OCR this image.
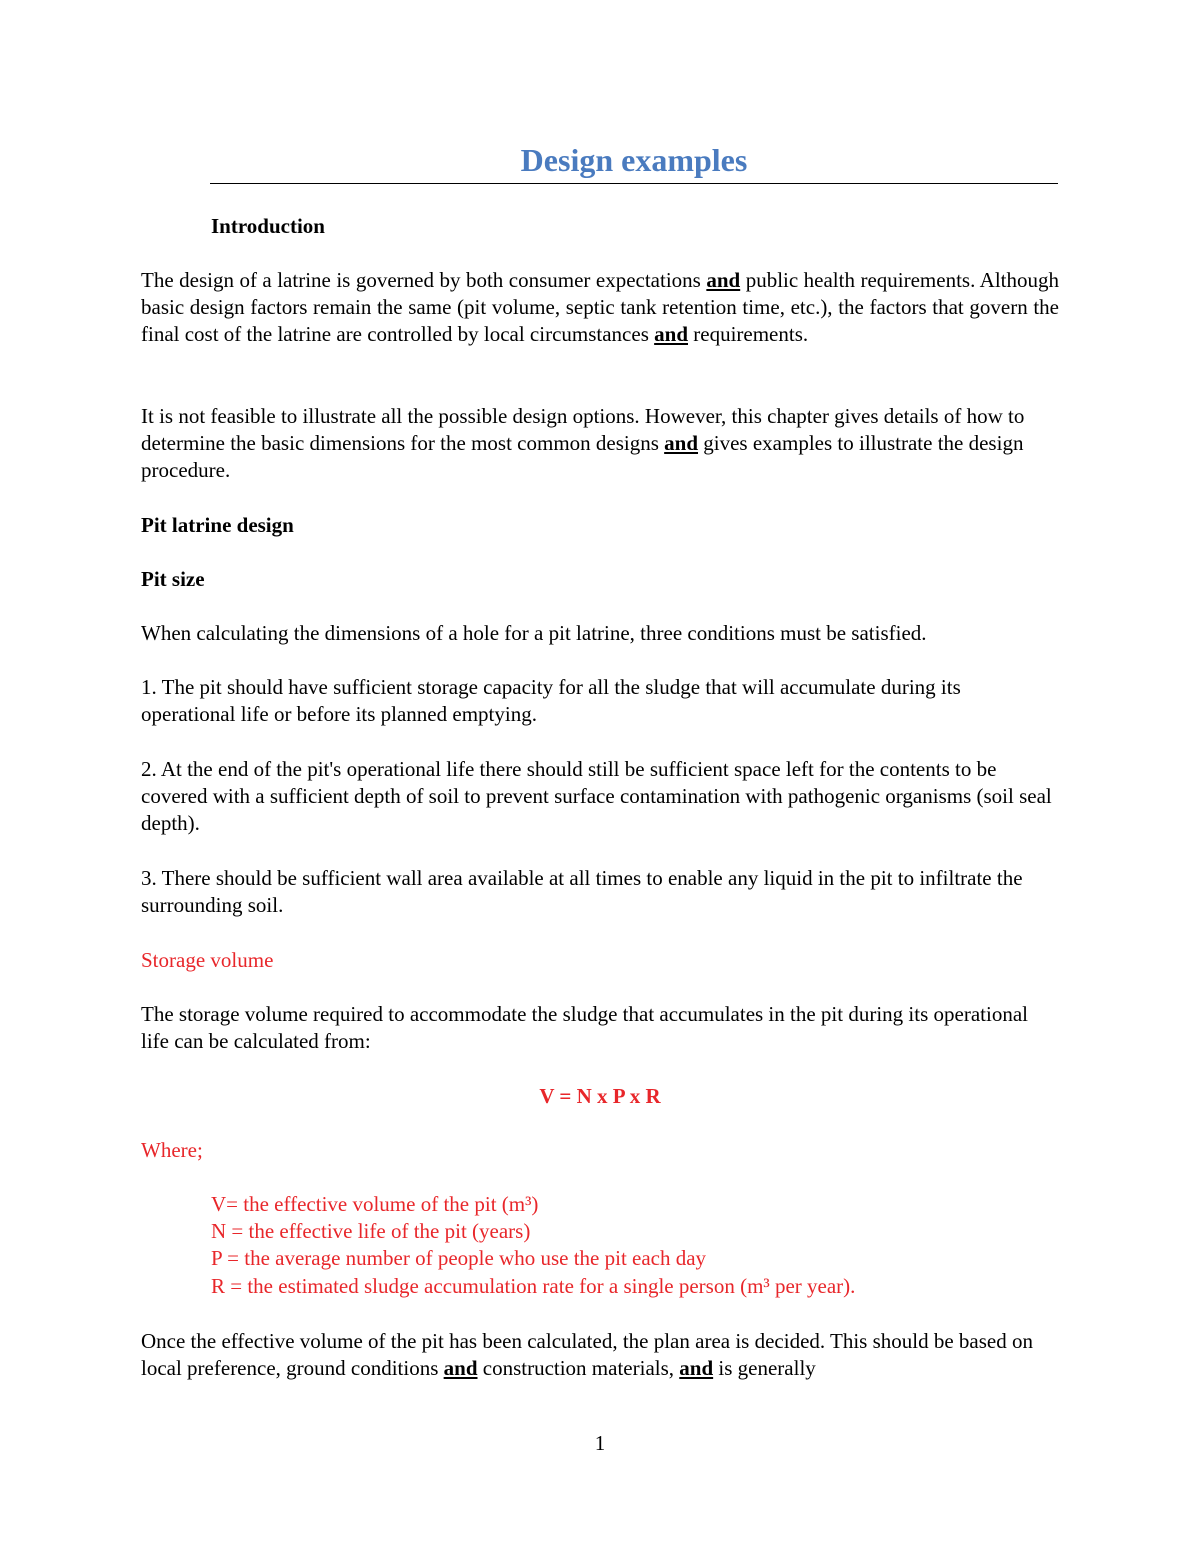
Design examples
Introduction
The design of a latrine is governed by both consumer expectations and public health requirements. Although basic design factors remain the same (pit volume, septic tank retention time, etc.), the factors that govern the final cost of the latrine are controlled by local circumstances and requirements.
It is not feasible to illustrate all the possible design options. However, this chapter gives details of how to determine the basic dimensions for the most common designs and gives examples to illustrate the design procedure.
Pit latrine design
Pit size
When calculating the dimensions of a hole for a pit latrine, three conditions must be satisfied.
1. The pit should have sufficient storage capacity for all the sludge that will accumulate during its operational life or before its planned emptying.
2. At the end of the pit's operational life there should still be sufficient space left for the contents to be covered with a sufficient depth of soil to prevent surface contamination with pathogenic organisms (soil seal depth).
3. There should be sufficient wall area available at all times to enable any liquid in the pit to infiltrate the surrounding soil.
Storage volume
The storage volume required to accommodate the sludge that accumulates in the pit during its operational life can be calculated from:
V = N x P x R
Where;
V= the effective volume of the pit (m³)
N = the effective life of the pit (years)
P = the average number of people who use the pit each day
R = the estimated sludge accumulation rate for a single person (m³ per year).
Once the effective volume of the pit has been calculated, the plan area is decided. This should be based on local preference, ground conditions and construction materials, and is generally
1
